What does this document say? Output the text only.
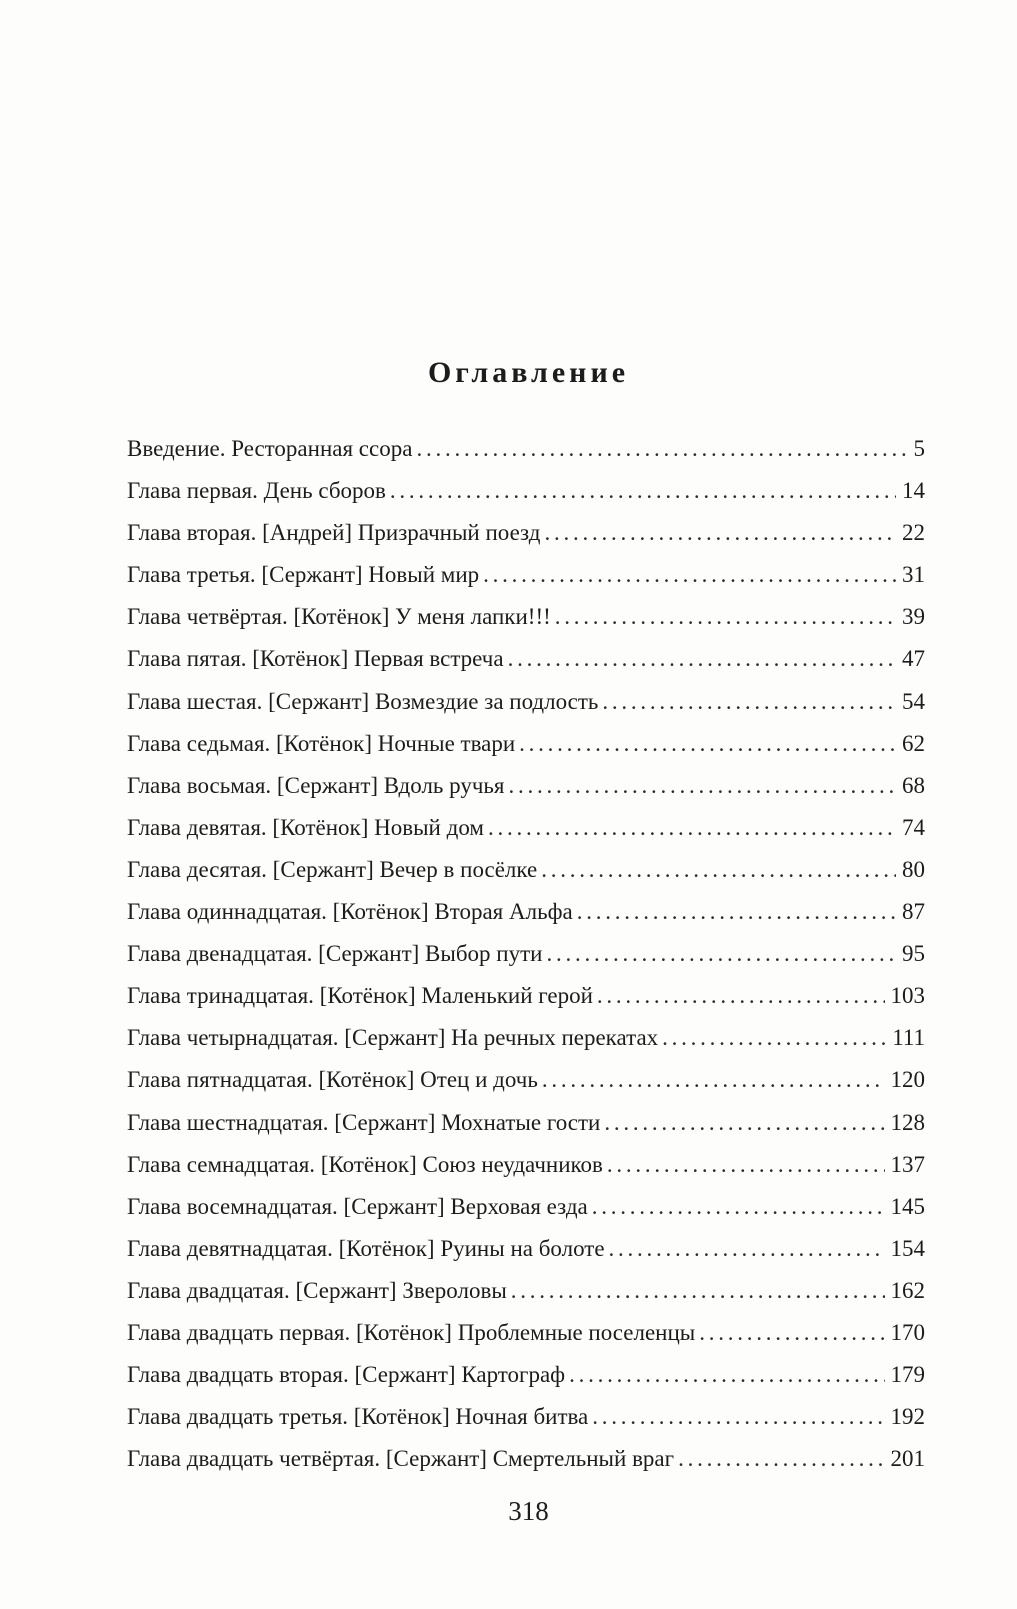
Оглавление
Введение. Ресторанная ссора . . .	5
Глава первая. День сборов . . .	14
Глава вторая. [Андрей] Призрачный поезд . . .	22
Глава третья. [Сержант] Новый мир . . .	31
Глава четвёртая. [Котёнок] У меня лапки!!! . . .	39
Глава пятая. [Котёнок] Первая встреча . . .	47
Глава шестая. [Сержант] Возмездие за подлость . . .	54
Глава седьмая. [Котёнок] Ночные твари . . .	62
Глава восьмая. [Сержант] Вдоль ручья . . .	68
Глава девятая. [Котёнок] Новый дом . . .	74
Глава десятая. [Сержант] Вечер в посёлке . . .	80
Глава одиннадцатая. [Котёнок] Вторая Альфа . . .	87
Глава двенадцатая. [Сержант] Выбор пути . . .	95
Глава тринадцатая. [Котёнок] Маленький герой . . .	103
Глава четырнадцатая. [Сержант] На речных перекатах . . .	111
Глава пятнадцатая. [Котёнок] Отец и дочь . . .	120
Глава шестнадцатая. [Сержант] Мохнатые гости . . .	128
Глава семнадцатая. [Котёнок] Союз неудачников . . .	137
Глава восемнадцатая. [Сержант] Верховая езда . . .	145
Глава девятнадцатая. [Котёнок] Руины на болоте . . .	154
Глава двадцатая. [Сержант] Звероловы . . .	162
Глава двадцать первая. [Котёнок] Проблемные поселенцы . . .	170
Глава двадцать вторая. [Сержант] Картограф . . .	179
Глава двадцать третья. [Котёнок] Ночная битва . . .	192
Глава двадцать четвёртая. [Сержант] Смертельный враг . . .	201
318
